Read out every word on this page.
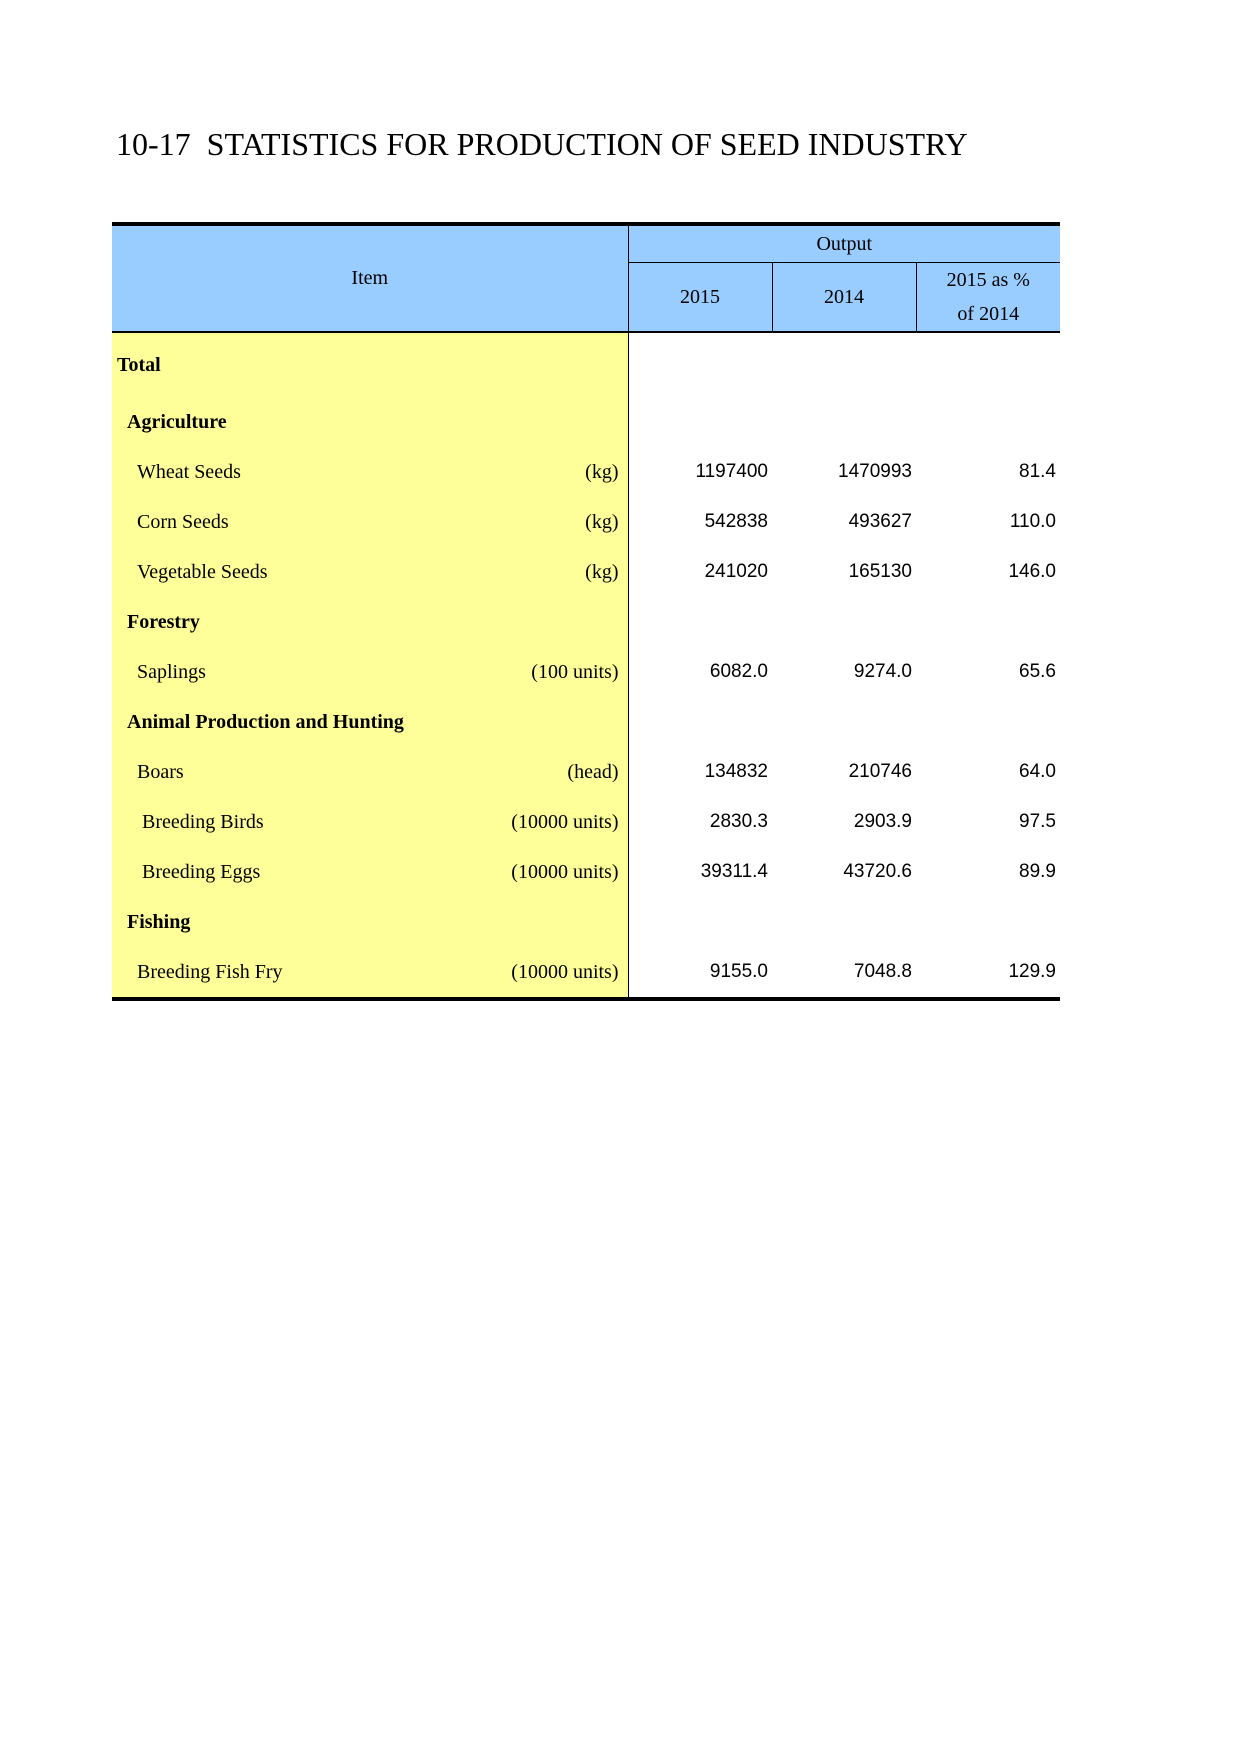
10-17  STATISTICS FOR PRODUCTION OF SEED INDUSTRY
Item	Output		
	2015	2014	2015 as %
of 2014

Total			

Agriculture			

Wheat Seeds (kg)	1197400	1470993	81.4

Corn Seeds (kg)	542838	493627	110.0

Vegetable Seeds (kg)	241020	165130	146.0

Forestry			

Saplings (100 units)	6082.0	9274.0	65.6

Animal Production and Hunting			

Boars (head)	134832	210746	64.0

Breeding Birds (10000 units)	2830.3	2903.9	97.5

Breeding Eggs (10000 units)	39311.4	43720.6	89.9

Fishing			

Breeding Fish Fry (10000 units)	9155.0	7048.8	129.9
